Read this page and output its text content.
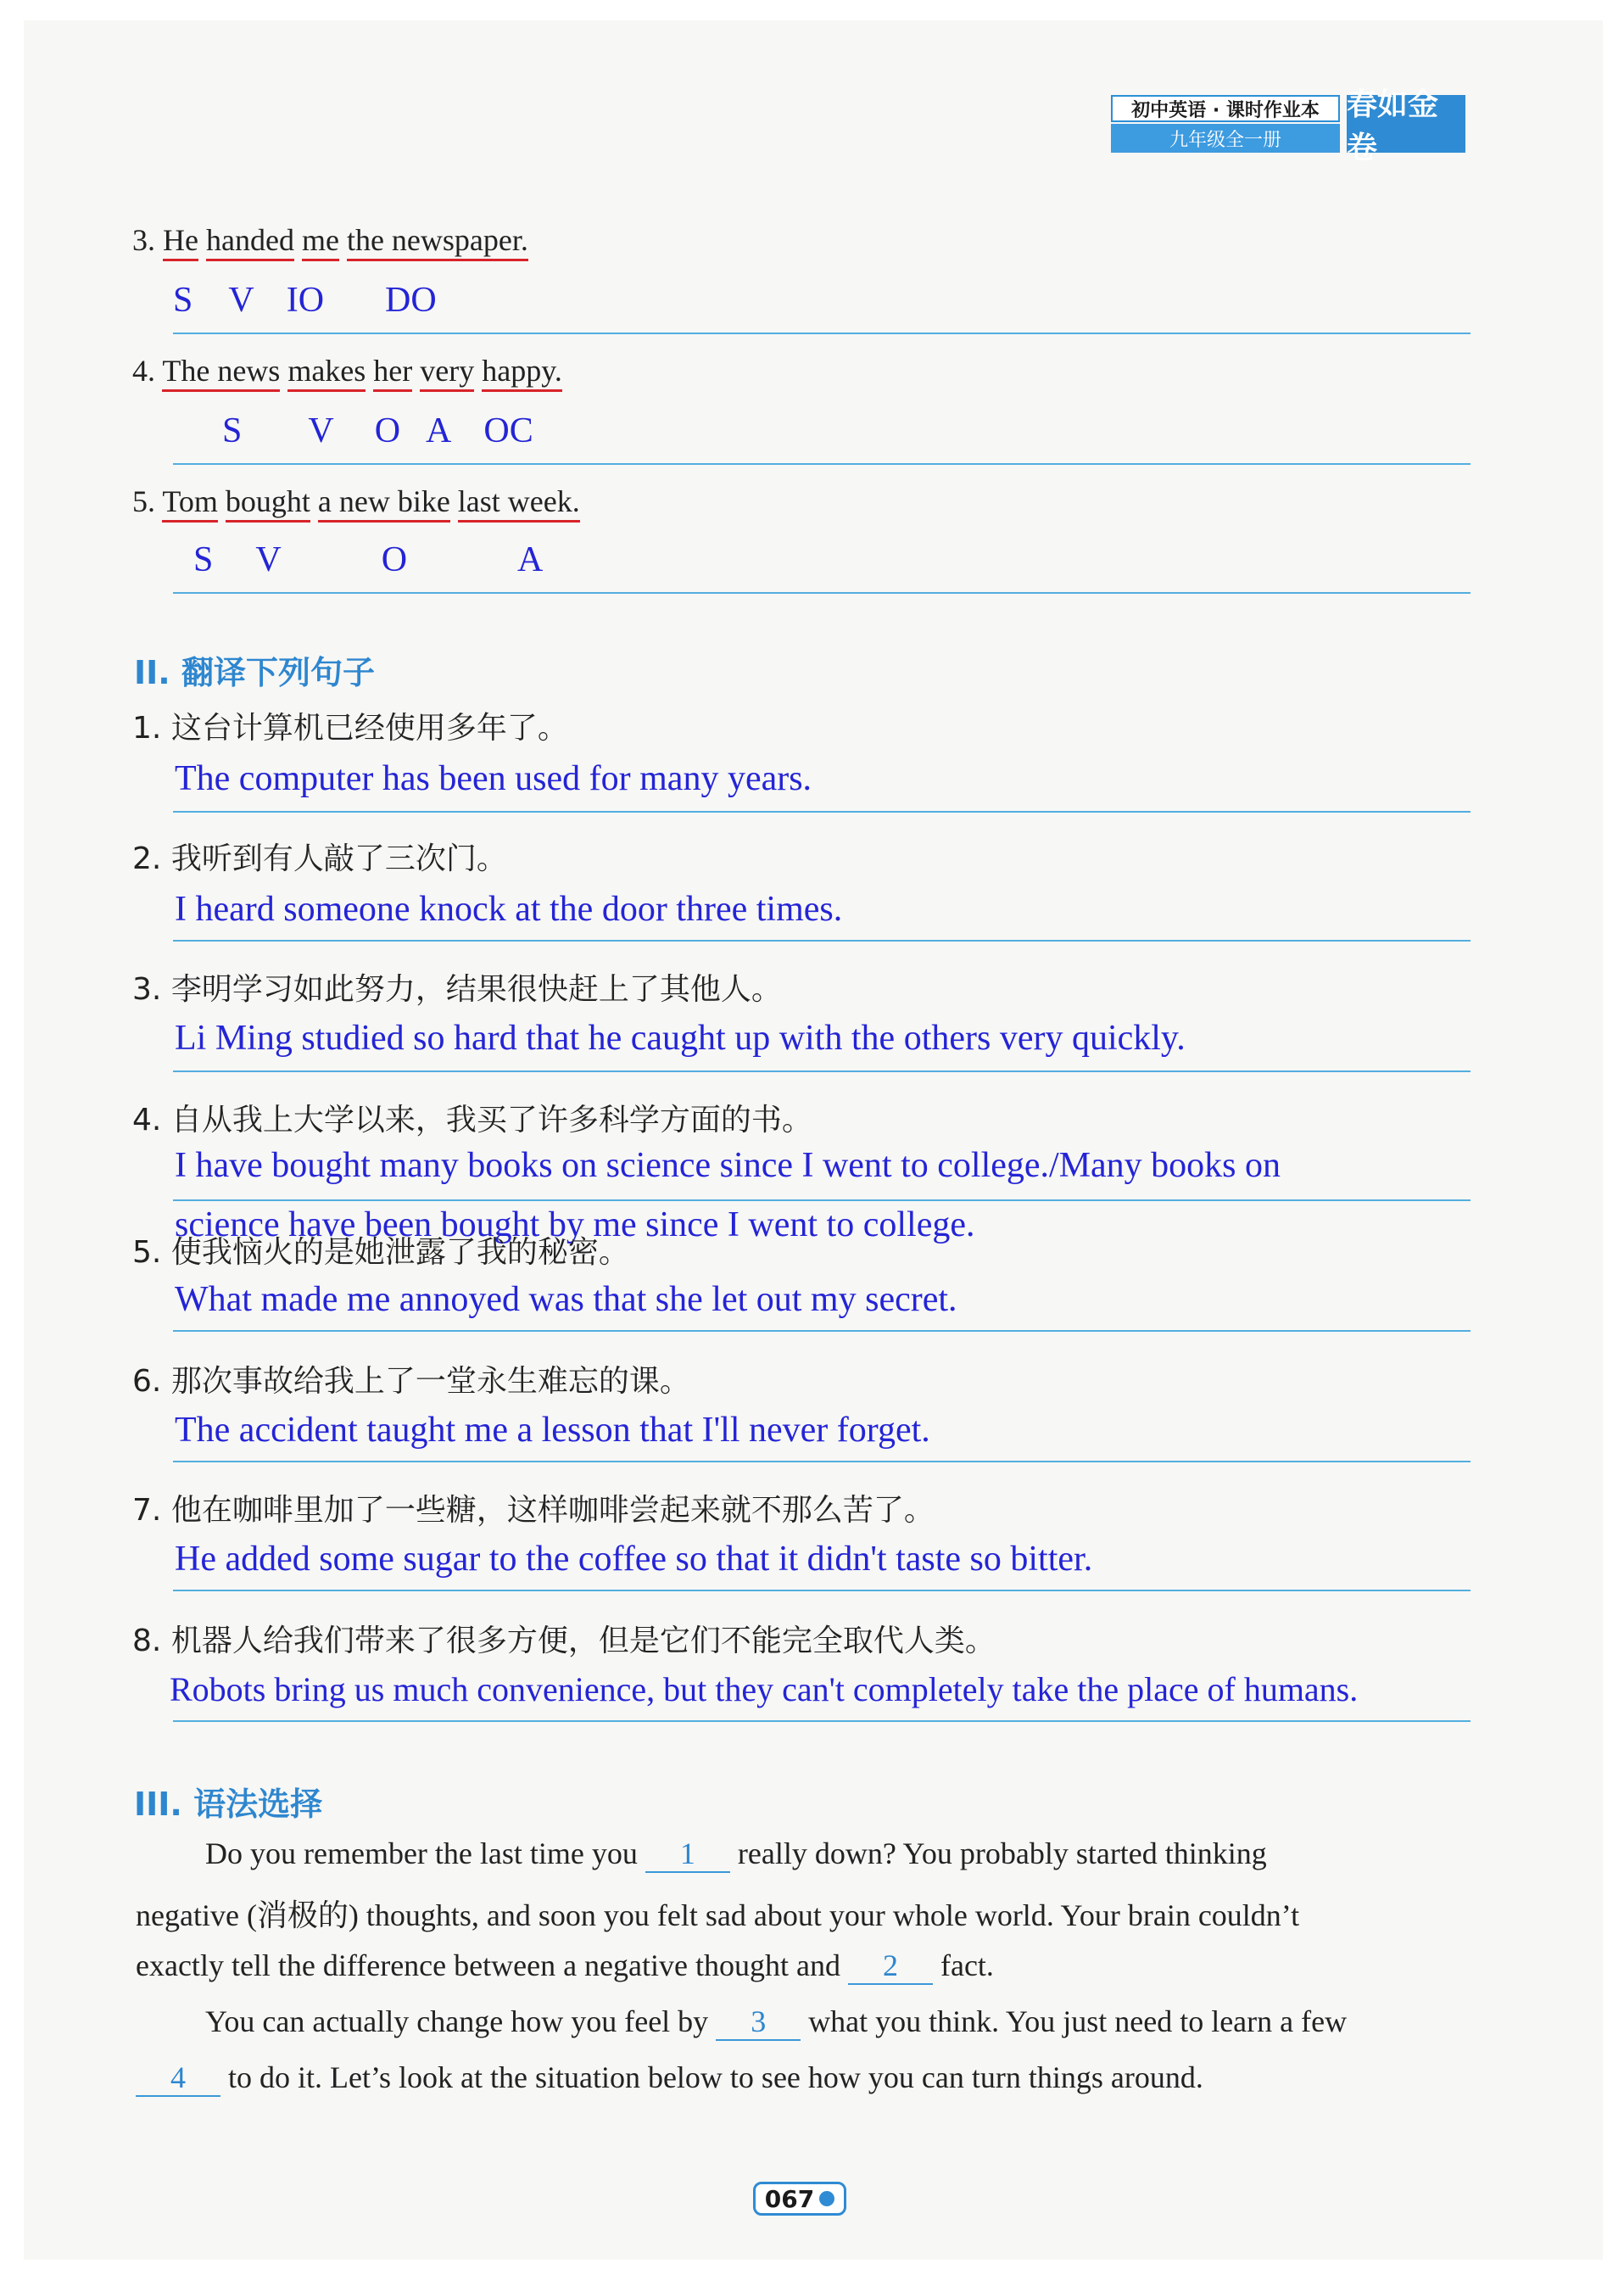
初中英语 · 课时作业本
九年级全一册
春如金卷
3. He handed me the newspaper.
S V IO DO
4. The news makes her very happy.
S V O A OC
5. Tom bought a new bike last week.
S V	O	A
II. 翻译下列句子
1. 这台计算机已经使用多年了。
The computer has been used for many years.
2. 我听到有人敲了三次门。
I heard someone knock at the door three times.
3. 李明学习如此努力，结果很快赶上了其他人。
Li Ming studied so hard that he caught up with the others very quickly.
4. 自从我上大学以来，我买了许多科学方面的书。
I have bought many books on science since I went to college./Many books on
science have been bought by me since I went to college.
5. 使我恼火的是她泄露了我的秘密。
What made me annoyed was that she let out my secret.
6. 那次事故给我上了一堂永生难忘的课。
The accident taught me a lesson that I'll never forget.
7. 他在咖啡里加了一些糖，这样咖啡尝起来就不那么苦了。
He added some sugar to the coffee so that it didn't taste so bitter.
8. 机器人给我们带来了很多方便，但是它们不能完全取代人类。
Robots bring us much convenience, but they can't completely take the place of humans.
III. 语法选择
Do you remember the last time you 1 really down? You probably started thinking
negative (消极的) thoughts, and soon you felt sad about your whole world. Your brain couldn’t
exactly tell the difference between a negative thought and 2 fact.
You can actually change how you feel by 3 what you think. You just need to learn a few
4 to do it. Let’s look at the situation below to see how you can turn things around.
067
